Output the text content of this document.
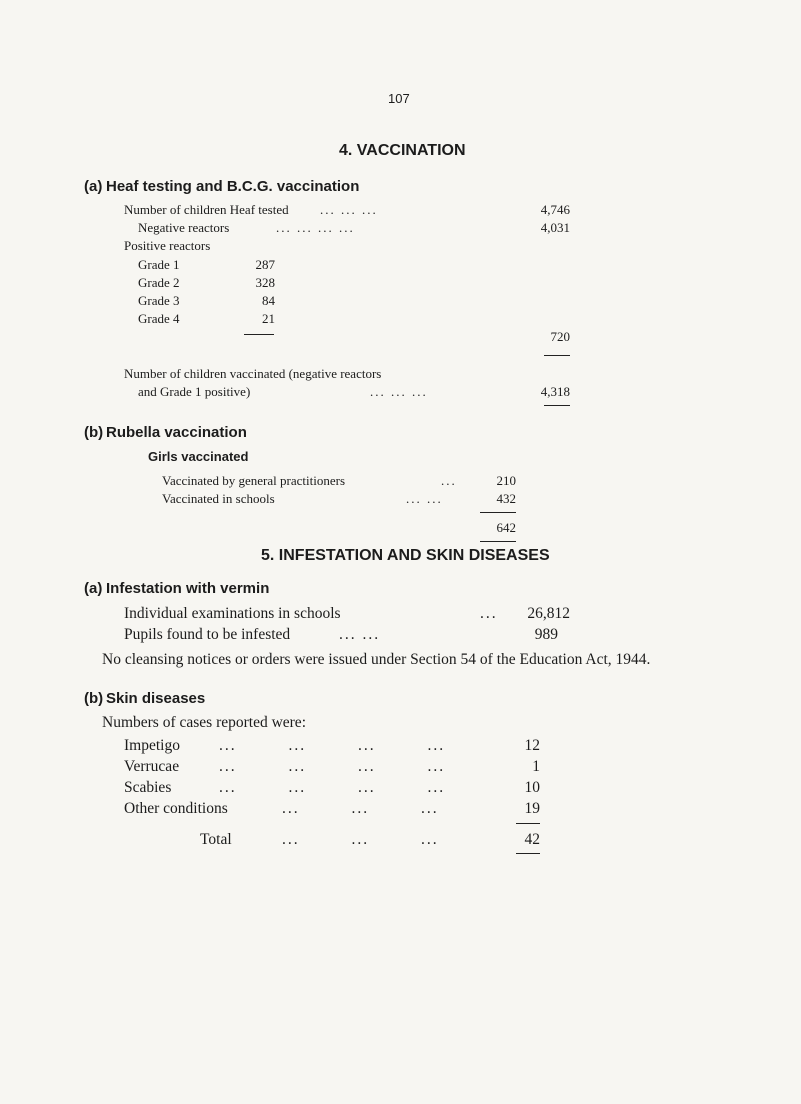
107
4. VACCINATION
(a) Heaf testing and B.C.G. vaccination
Number of children Heaf tested ... ... ...	4,746
Negative reactors	... ... ... ...	4,031
Positive reactors
Grade 1	287
Grade 2	328
Grade 3	84
Grade 4	21
720
Number of children vaccinated (negative reactors
and Grade 1 positive)	... ... ...	4,318
(b) Rubella vaccination
Girls vaccinated
Vaccinated by general practitioners	...	210
Vaccinated in schools	... ...	432
642
5. INFESTATION AND SKIN DISEASES
(a) Infestation with vermin
Individual examinations in schools	...	26,812
Pupils found to be infested	... ...	989
No cleansing notices or orders were issued under Section 54 of the Education Act, 1944.
(b) Skin diseases
Numbers of cases reported were:
Impetigo	... ... ... ...	12
Verrucae	... ... ... ...	1
Scabies	... ... ... ...	10
Other conditions	... ... ...	19
Total	... ... ...	42
